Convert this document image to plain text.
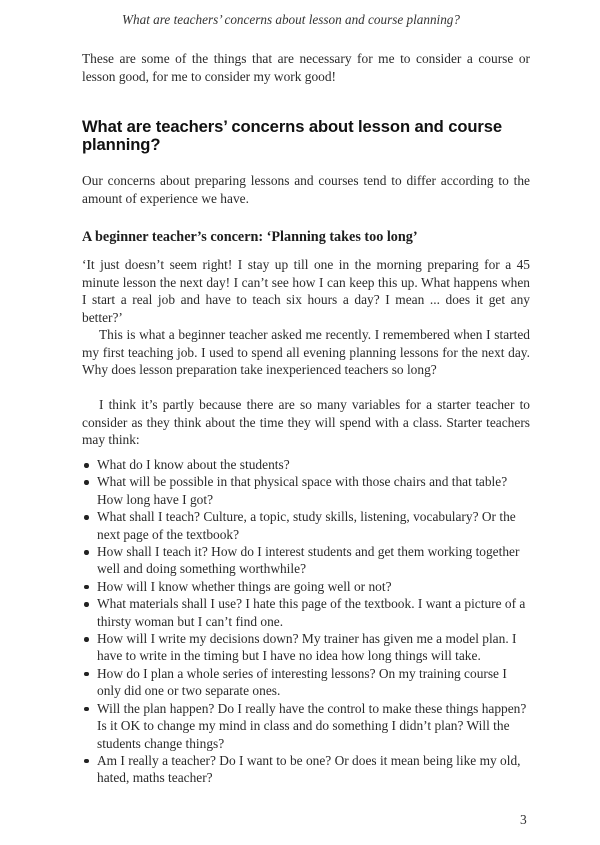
What are teachers’ concerns about lesson and course planning?

These are some of the things that are necessary for me to consider a course or lesson good, for me to consider my work good!

What are teachers’ concerns about lesson and course planning?

Our concerns about preparing lessons and courses tend to differ according to the amount of experience we have.

A beginner teacher’s concern: ‘Planning takes too long’

‘It just doesn’t seem right! I stay up till one in the morning preparing for a 45 minute lesson the next day! I can’t see how I can keep this up. What happens when I start a real job and have to teach six hours a day? I mean ... does it get any better?’

This is what a beginner teacher asked me recently. I remembered when I started my first teaching job. I used to spend all evening planning lessons for the next day. Why does lesson preparation take inexperienced teachers so long?

I think it’s partly because there are so many variables for a starter teacher to consider as they think about the time they will spend with a class. Starter teachers may think:

What do I know about the students?
What will be possible in that physical space with those chairs and that table? How long have I got?
What shall I teach? Culture, a topic, study skills, listening, vocabulary? Or the next page of the textbook?
How shall I teach it? How do I interest students and get them working together well and doing something worthwhile?
How will I know whether things are going well or not?
What materials shall I use? I hate this page of the textbook. I want a picture of a thirsty woman but I can’t find one.
How will I write my decisions down? My trainer has given me a model plan. I have to write in the timing but I have no idea how long things will take.
How do I plan a whole series of interesting lessons? On my training course I only did one or two separate ones.
Will the plan happen? Do I really have the control to make these things happen? Is it OK to change my mind in class and do something I didn’t plan? Will the students change things?
Am I really a teacher? Do I want to be one? Or does it mean being like my old, hated, maths teacher?
3
